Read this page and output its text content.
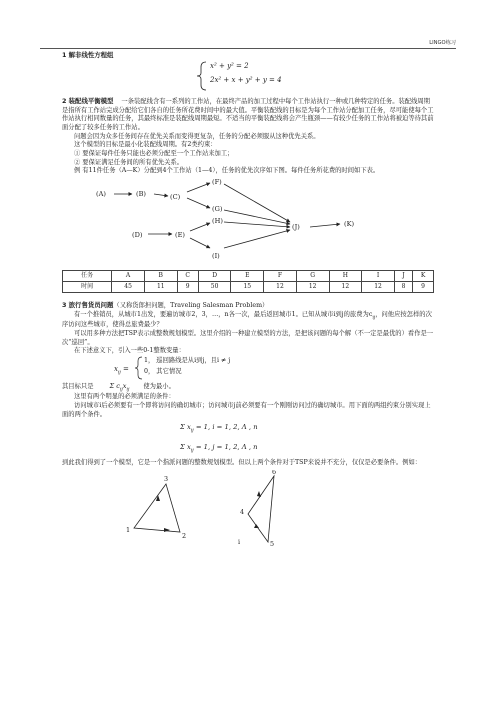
LINGO练习

1 解非线性方程组

x² + y² = 2
2x² + x + y² + y = 4

2 装配线平衡模型 一条装配线含有一系列的工作站，在最终产品的加工过程中每个工作站执行一种或几种特定的任务。装配线周期是指所有工作站完成分配给它们各自的任务所花费时间中的最大值。平衡装配线的目标是为每个工作站分配加工任务，尽可能使每个工作站执行相同数量的任务，其最终标准是装配线周期最短。不适当的平衡装配线将会产生瓶颈——有较少任务的工作站将被迫等待其前面分配了较多任务的工作站。

问题会因为众多任务间存在优先关系而变得更复杂，任务的分配必须服从这种优先关系。

这个模型的目标是最小化装配线周期。有2类约束：

① 要保证每件任务只能也必须分配至一个工作站来加工；

② 要保证满足任务间的所有优先关系。

例 有11件任务（A—K）分配到4个工作站（1—4），任务的优先次序如下图。每件任务所花费的时间如下表。

(A)	(B)	(C)
(F)
(G)
(J)	(K)
(H)
(D)	(E)
(I)
任务	A	B	C	D	E	F	G	H	I	J	K
时间	45	11	9	50	15	12	12	12	12	8	9

3 旅行售货员问题（又称货郎担问题，Traveling Salesman Problem）

有一个推销员，从城市1出发，要遍访城市2，3，…，n各一次，最后返回城市1。已知从城市i到j的旅费为$c_{ij}$，问他应按怎样的次序访问这些城市，使得总旅费最少？

可以用多种方法把TSP表示成整数规划模型。这里介绍的一种建立模型的方法，是把该问题的每个解（不一定是最优的）看作是一次“巡回”。

在下述意义下，引入一些0-1整数变量：

$x_{ij}$ =
1， 巡回路线是从i到j，且i ≠ j
0， 其它情况

其目标只是 Σ $c_{ij}x_{ij}$ 使为最小。

这里有两个明显的必须满足的条件：

访问城市i后必须要有一个即将访问的确切城市；访问城市j前必须要有一个刚刚访问过的确切城市。用下面的两组约束分别实现上面的两个条件。

Σ $x_{ij} = 1$, i = 1, 2, Λ , n
Σ $x_{ij} = 1$, j = 1, 2, Λ , n

到此我们得到了一个模型，它是一个指派问题的整数规划模型。但以上两个条件对于TSP来说并不充分，仅仅是必要条件。例如：

3
1
2
6
4
5
i
